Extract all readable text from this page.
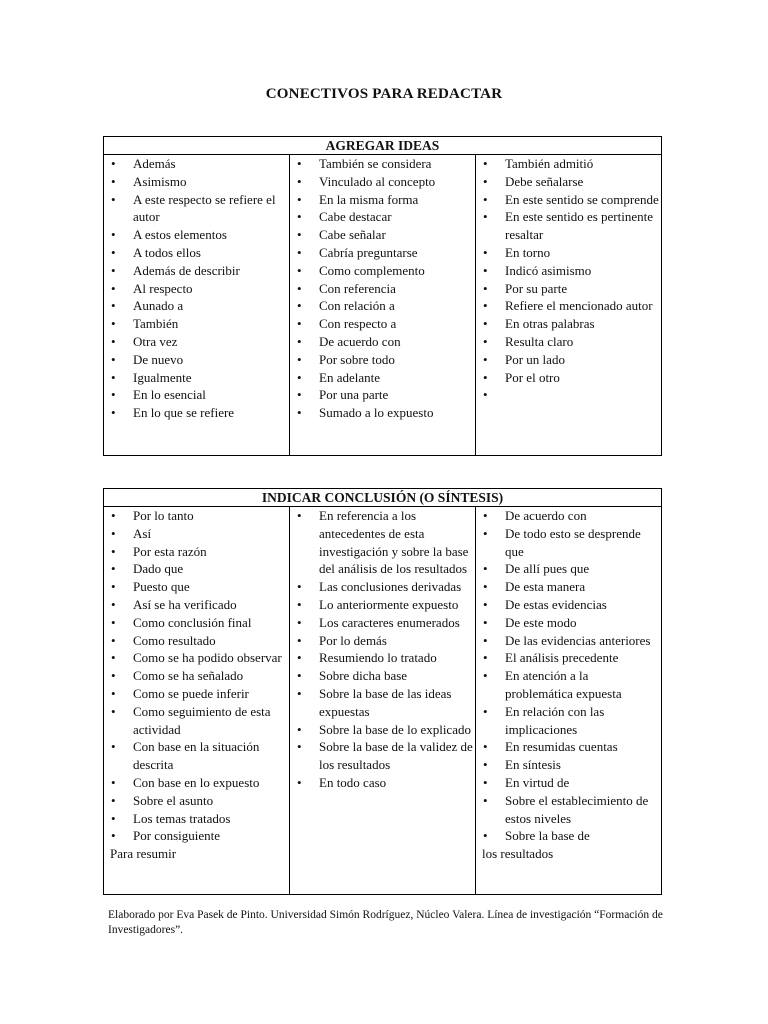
CONECTIVOS PARA REDACTAR
AGREGAR IDEAS

• Además
• Asimismo
• A este respecto se refiere el autor
• A estos elementos
• A todos ellos
• Además de describir
• Al respecto
• Aunado a
• También
• Otra vez
• De nuevo
• Igualmente
• En lo esencial
• En lo que se refiere

• También se considera
• Vinculado al concepto
• En la misma forma
• Cabe destacar
• Cabe señalar
• Cabría preguntarse
• Como complemento
• Con referencia
• Con relación a
• Con respecto a
• De acuerdo con
• Por sobre todo
• En adelante
• Por una parte
• Sumado a lo expuesto

• También admitió
• Debe señalarse
• En este sentido se comprende
• En este sentido es pertinente resaltar
• En torno
• Indicó asimismo
• Por su parte
• Refiere el mencionado autor
• En otras palabras
• Resulta claro
• Por un lado
• Por el otro
•
INDICAR CONCLUSIÓN (O SÍNTESIS)

• Por lo tanto
• Así
• Por esta razón
• Dado que
• Puesto que
• Así se ha verificado
• Como conclusión final
• Como resultado
• Como se ha podido observar
• Como se ha señalado
• Como se puede inferir
• Como seguimiento de esta actividad
• Con base en la situación descrita
• Con base en lo expuesto
• Sobre el asunto
• Los temas tratados
• Por consiguiente
Para resumir

• En referencia a los antecedentes de esta investigación y sobre la base del análisis de los resultados
• Las conclusiones derivadas
• Lo anteriormente expuesto
• Los caracteres enumerados
• Por lo demás
• Resumiendo lo tratado
• Sobre dicha base
• Sobre la base de las ideas expuestas
• Sobre la base de lo explicado
• Sobre la base de la validez de los resultados
• En todo caso

• De acuerdo con
• De todo esto se desprende que
• De allí pues que
• De esta manera
• De estas evidencias
• De este modo
• De las evidencias anteriores
• El análisis precedente
• En atención a la problemática expuesta
• En relación con las implicaciones
• En resumidas cuentas
• En síntesis
• En virtud de
• Sobre el establecimiento de estos niveles
• Sobre la base de
los resultados
Elaborado por Eva Pasek de Pinto. Universidad Simón Rodríguez, Núcleo Valera. Línea de investigación “Formación de Investigadores”.
